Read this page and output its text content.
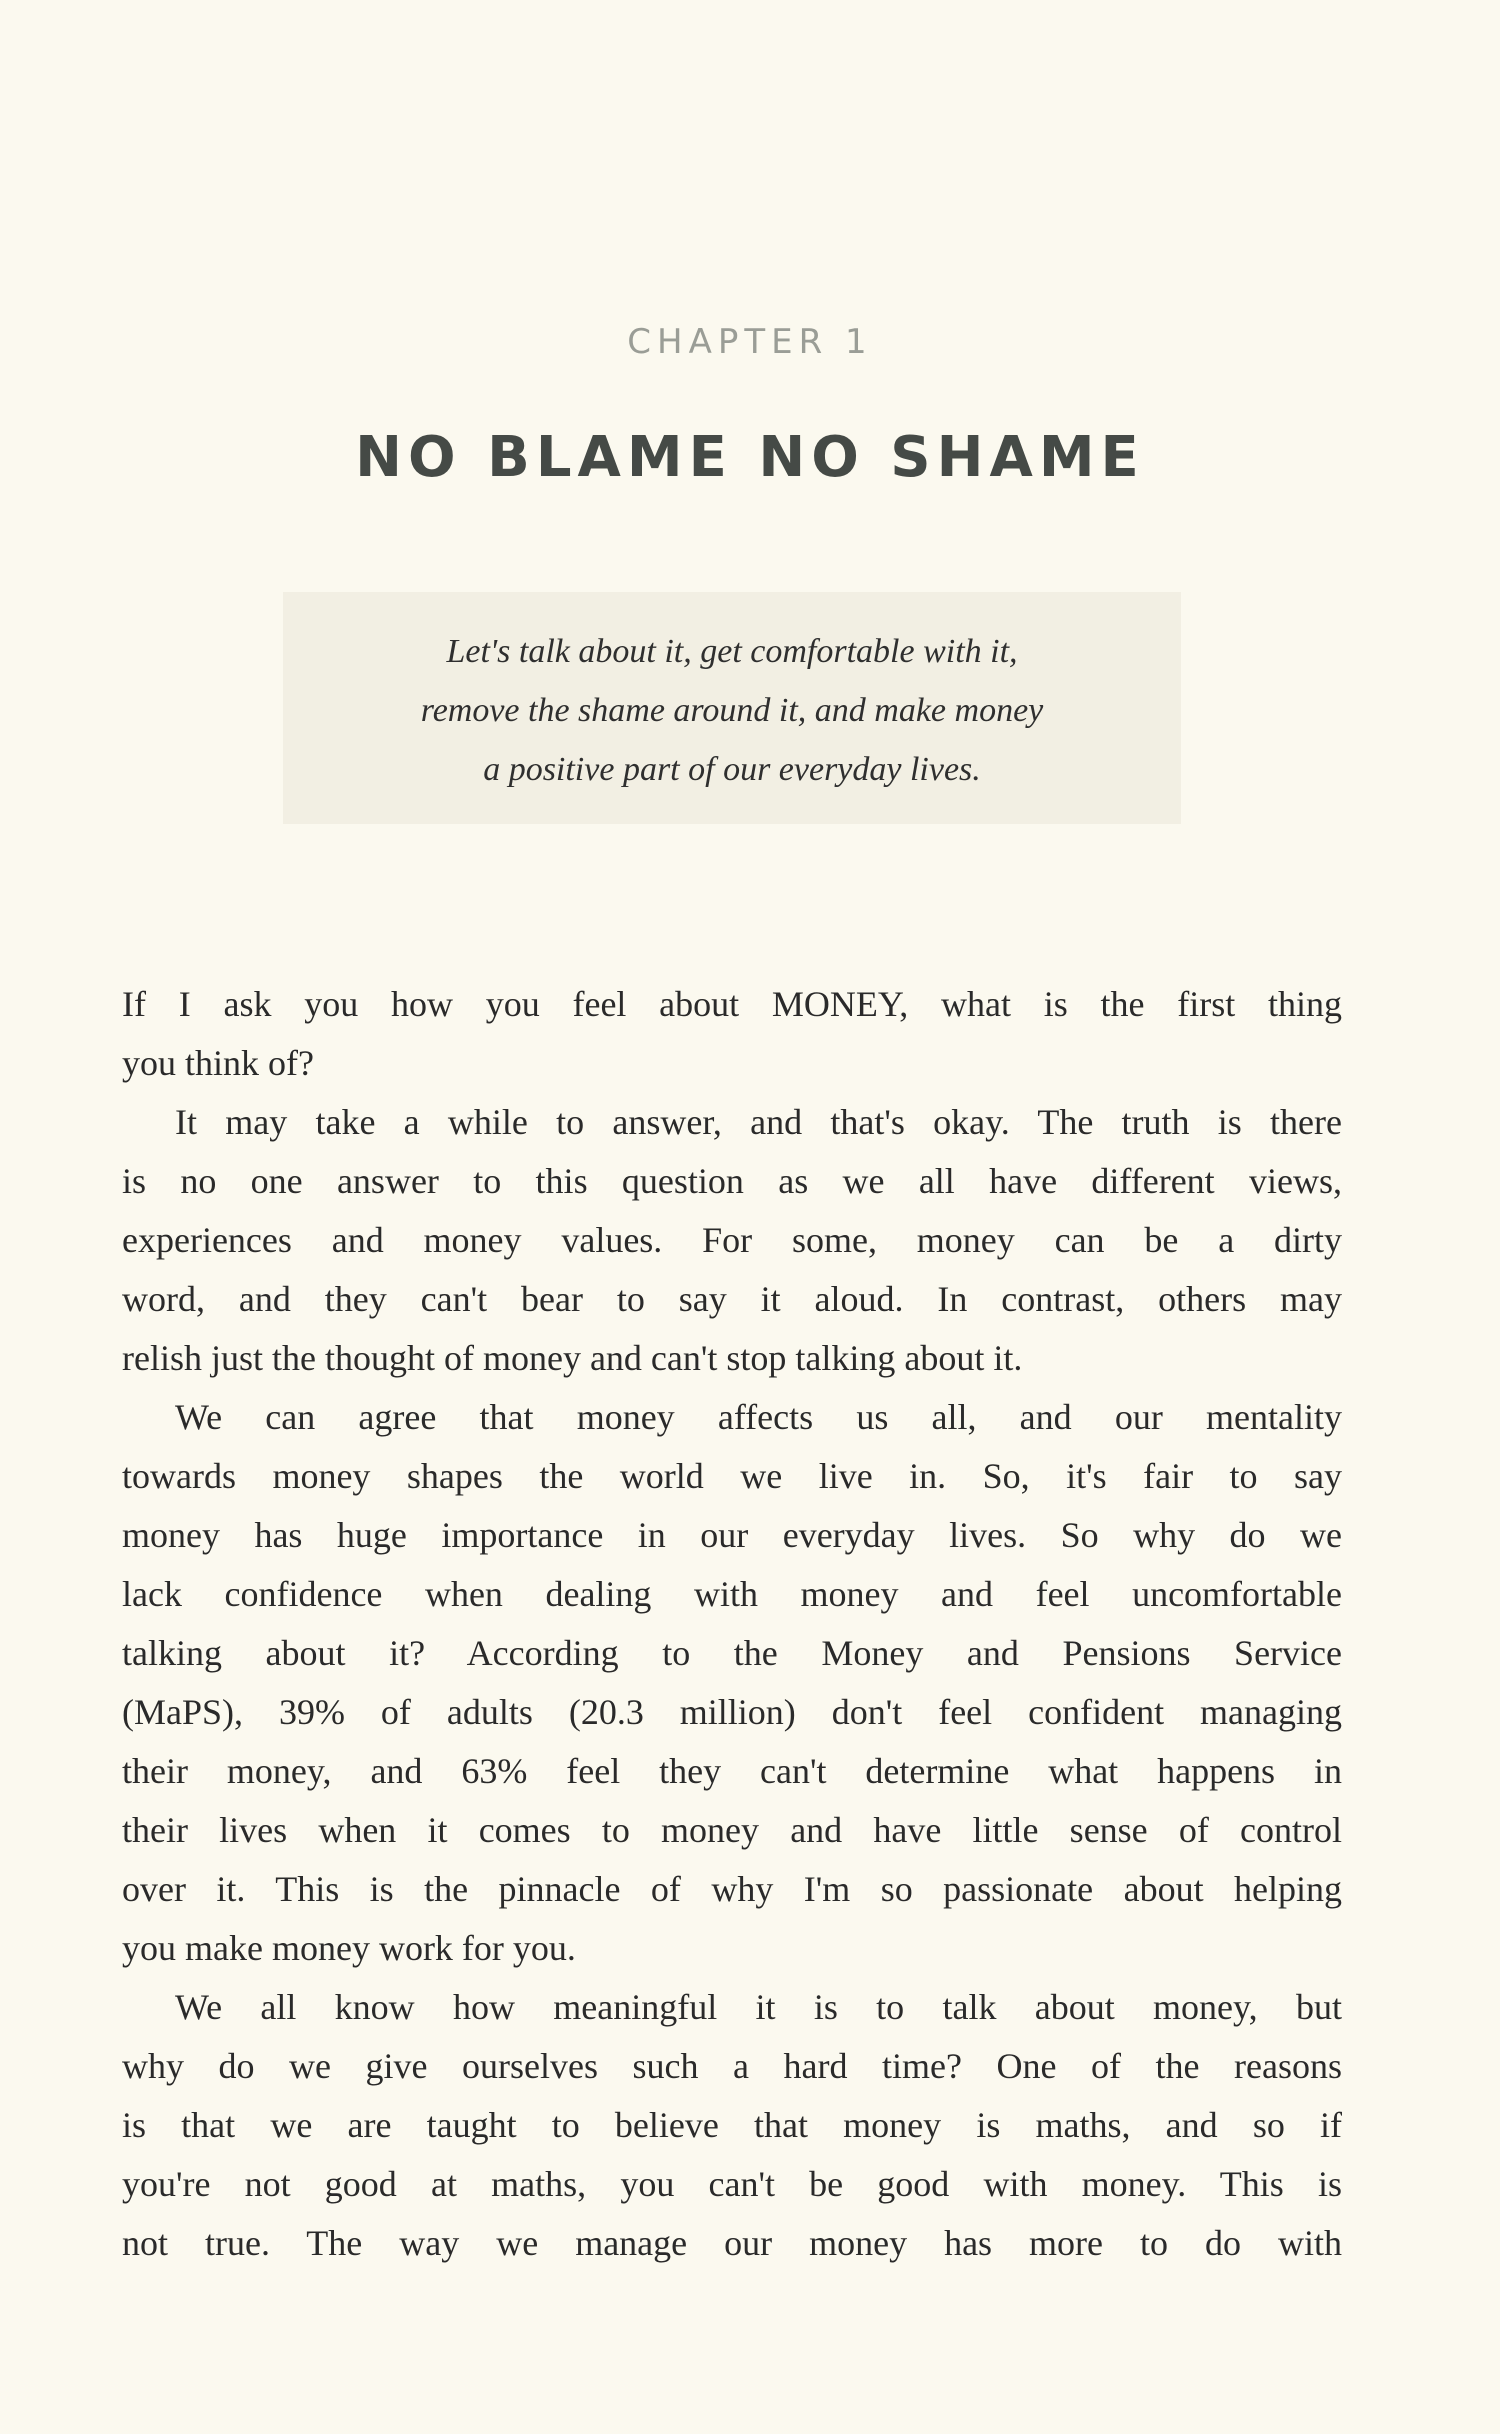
CHAPTER 1
NO BLAME NO SHAME
Let's talk about it, get comfortable with it,
remove the shame around it, and make money
a positive part of our everyday lives.
If I ask you how you feel about MONEY, what is the first thing
you think of?
It may take a while to answer, and that's okay. The truth is there
is no one answer to this question as we all have different views,
experiences and money values. For some, money can be a dirty
word, and they can't bear to say it aloud. In contrast, others may
relish just the thought of money and can't stop talking about it.
We can agree that money affects us all, and our mentality
towards money shapes the world we live in. So, it's fair to say
money has huge importance in our everyday lives. So why do we
lack confidence when dealing with money and feel uncomfortable
talking about it? According to the Money and Pensions Service
(MaPS), 39% of adults (20.3 million) don't feel confident managing
their money, and 63% feel they can't determine what happens in
their lives when it comes to money and have little sense of control
over it. This is the pinnacle of why I'm so passionate about helping
you make money work for you.
We all know how meaningful it is to talk about money, but
why do we give ourselves such a hard time? One of the reasons
is that we are taught to believe that money is maths, and so if
you're not good at maths, you can't be good with money. This is
not true. The way we manage our money has more to do with
